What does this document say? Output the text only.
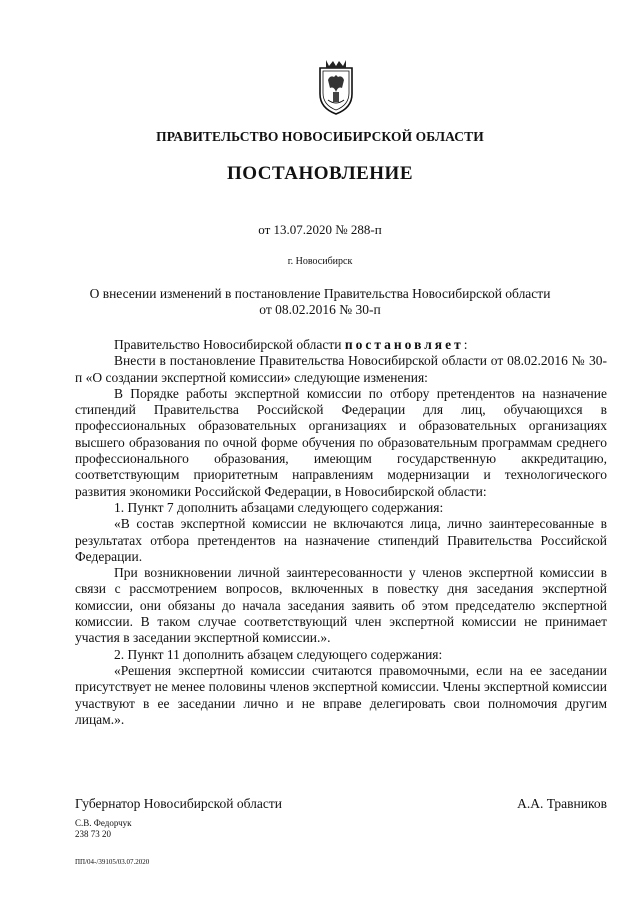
ПРАВИТЕЛЬСТВО НОВОСИБИРСКОЙ ОБЛАСТИ
ПОСТАНОВЛЕНИЕ
от 13.07.2020 № 288-п
г. Новосибирск
О внесении изменений в постановление Правительства Новосибирской области
от 08.02.2016 № 30-п

Правительство Новосибирской области постановляет:

Внести в постановление Правительства Новосибирской области от 08.02.2016 № 30-п «О создании экспертной комиссии» следующие изменения:

В Порядке работы экспертной комиссии по отбору претендентов на назначение стипендий Правительства Российской Федерации для лиц, обучающихся в профессиональных образовательных организациях и образовательных организациях высшего образования по очной форме обучения по образовательным программам среднего профессионального образования, имеющим государственную аккредитацию, соответствующим приоритетным направлениям модернизации и технологического развития экономики Российской Федерации, в Новосибирской области:

1. Пункт 7 дополнить абзацами следующего содержания:

«В состав экспертной комиссии не включаются лица, лично заинтересованные в результатах отбора претендентов на назначение стипендий Правительства Российской Федерации.

При возникновении личной заинтересованности у членов экспертной комиссии в связи с рассмотрением вопросов, включенных в повестку дня заседания экспертной комиссии, они обязаны до начала заседания заявить об этом председателю экспертной комиссии. В таком случае соответствующий член экспертной комиссии не принимает участия в заседании экспертной комиссии.».

2. Пункт 11 дополнить абзацем следующего содержания:

«Решения экспертной комиссии считаются правомочными, если на ее заседании присутствует не менее половины членов экспертной комиссии. Члены экспертной комиссии участвуют в ее заседании лично и не вправе делегировать свои полномочия другим лицам.».

Губернатор Новосибирской области	А.А. Травников
С.В. Федорчук
238 73 20
ПП/04-/39105/03.07.2020
